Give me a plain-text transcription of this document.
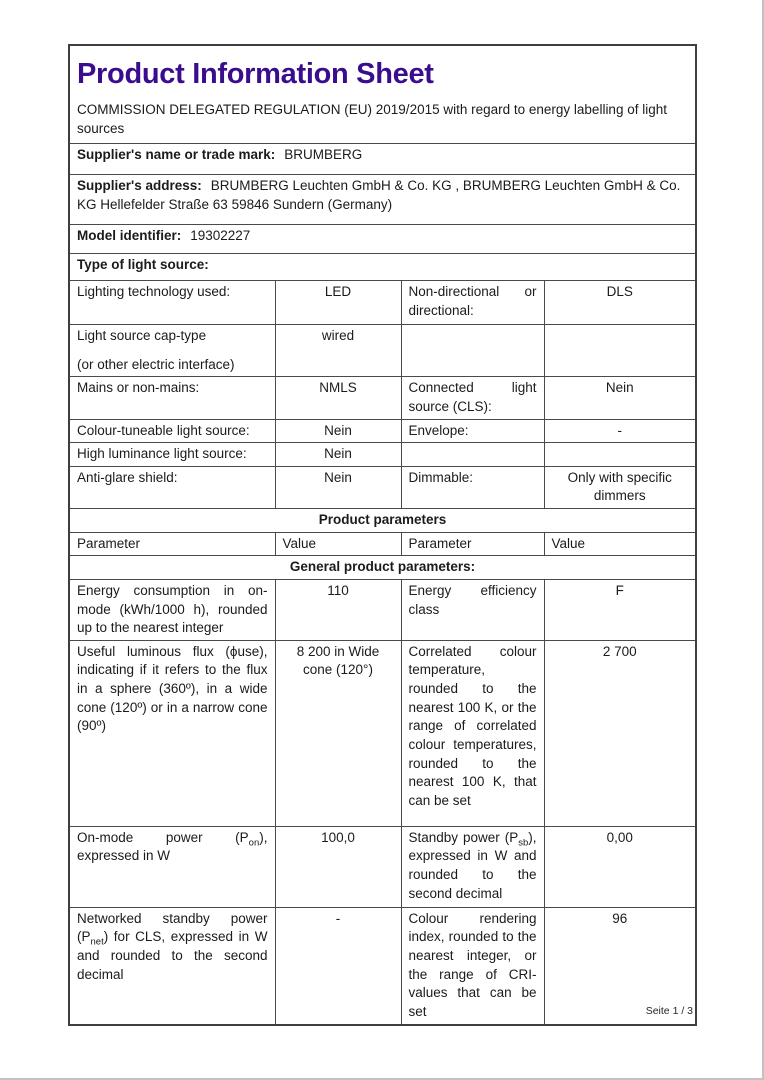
Product Information Sheet

COMMISSION DELEGATED REGULATION (EU) 2019/2015 with regard to energy labelling of light sources

Supplier's name or trade mark: BRUMBERG			
Supplier's address: BRUMBERG Leuchten GmbH & Co. KG , BRUMBERG Leuchten GmbH & Co. KG Hellefelder Straße 63 59846 Sundern (Germany)			
Model identifier: 19302227			
Type of light source:			
Lighting technology used:	LED	Non-directional or directional:	DLS

Light source cap-type
(or other electric interface)	wired		
Mains or non-mains:	NMLS	Connected light source (CLS):	Nein
Colour-tuneable light source:	Nein	Envelope:	-
High luminance light source:	Nein		
Anti-glare shield:	Nein	Dimmable:	Only with specific dimmers
Product parameters			
Parameter	Value	Parameter	Value
General product parameters:			
Energy consumption in on-mode (kWh/1000 h), rounded up to the nearest integer	110	Energy efficiency class	F
Useful luminous flux (ϕuse), indicating if it refers to the flux in a sphere (360º), in a wide cone (120º) or in a narrow cone (90º)	8 200 in Wide cone (120°)	Correlated colour temperature, rounded to the nearest 100 K, or the range of correlated colour temperatures, rounded to the nearest 100 K, that can be set	2 700
On-mode power $(P_{on})$, expressed in W	100,0	Standby power $(P_{sb})$, expressed in W and rounded to the second decimal	0,00
Networked standby power $(P_{net})$ for CLS, expressed in W and rounded to the second decimal	-	Colour rendering index, rounded to the nearest integer, or the range of CRI-values that can be set	96
Seite 1 / 3
